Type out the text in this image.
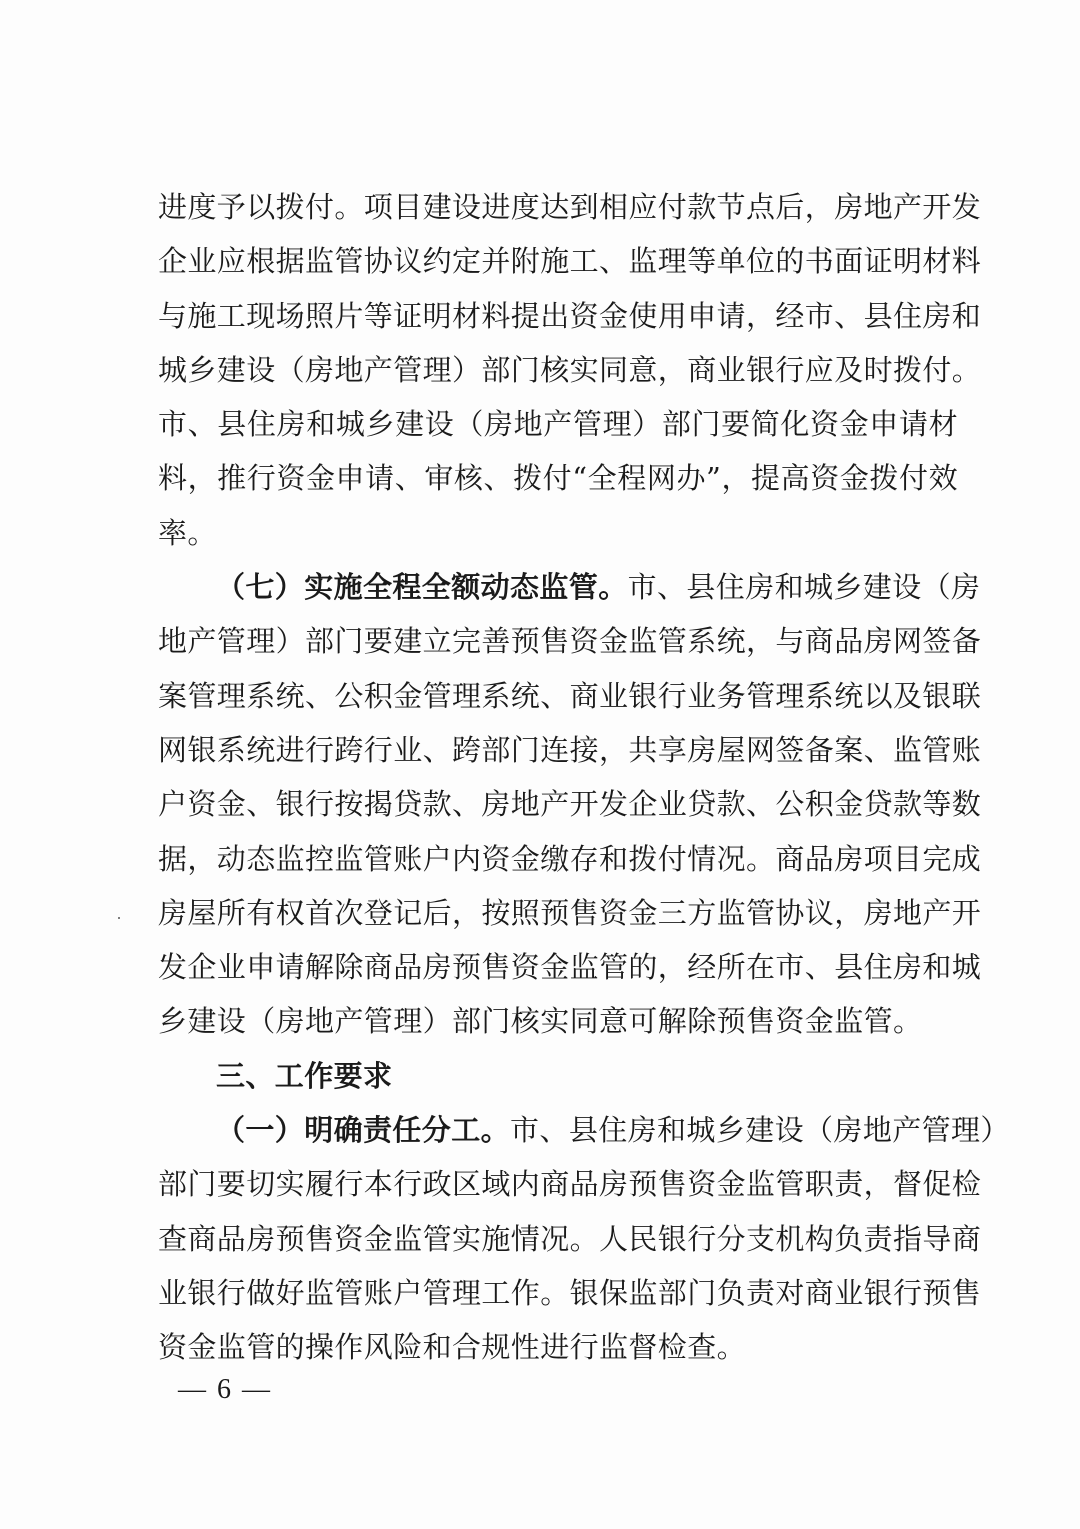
进度予以拨付。项目建设进度达到相应付款节点后，房地产开发
企业应根据监管协议约定并附施工、监理等单位的书面证明材料
与施工现场照片等证明材料提出资金使用申请，经市、县住房和
城乡建设（房地产管理）部门核实同意，商业银行应及时拨付。
市、县住房和城乡建设（房地产管理）部门要简化资金申请材
料，推行资金申请、审核、拨付“全程网办”，提高资金拨付效
率。
（七）实施全程全额动态监管。市、县住房和城乡建设（房
地产管理）部门要建立完善预售资金监管系统，与商品房网签备
案管理系统、公积金管理系统、商业银行业务管理系统以及银联
网银系统进行跨行业、跨部门连接，共享房屋网签备案、监管账
户资金、银行按揭贷款、房地产开发企业贷款、公积金贷款等数
据，动态监控监管账户内资金缴存和拨付情况。商品房项目完成
房屋所有权首次登记后，按照预售资金三方监管协议，房地产开
发企业申请解除商品房预售资金监管的，经所在市、县住房和城
乡建设（房地产管理）部门核实同意可解除预售资金监管。
三、工作要求
（一）明确责任分工。市、县住房和城乡建设（房地产管理）
部门要切实履行本行政区域内商品房预售资金监管职责，督促检
查商品房预售资金监管实施情况。人民银行分支机构负责指导商
业银行做好监管账户管理工作。银保监部门负责对商业银行预售
资金监管的操作风险和合规性进行监督检查。
— 6 —
